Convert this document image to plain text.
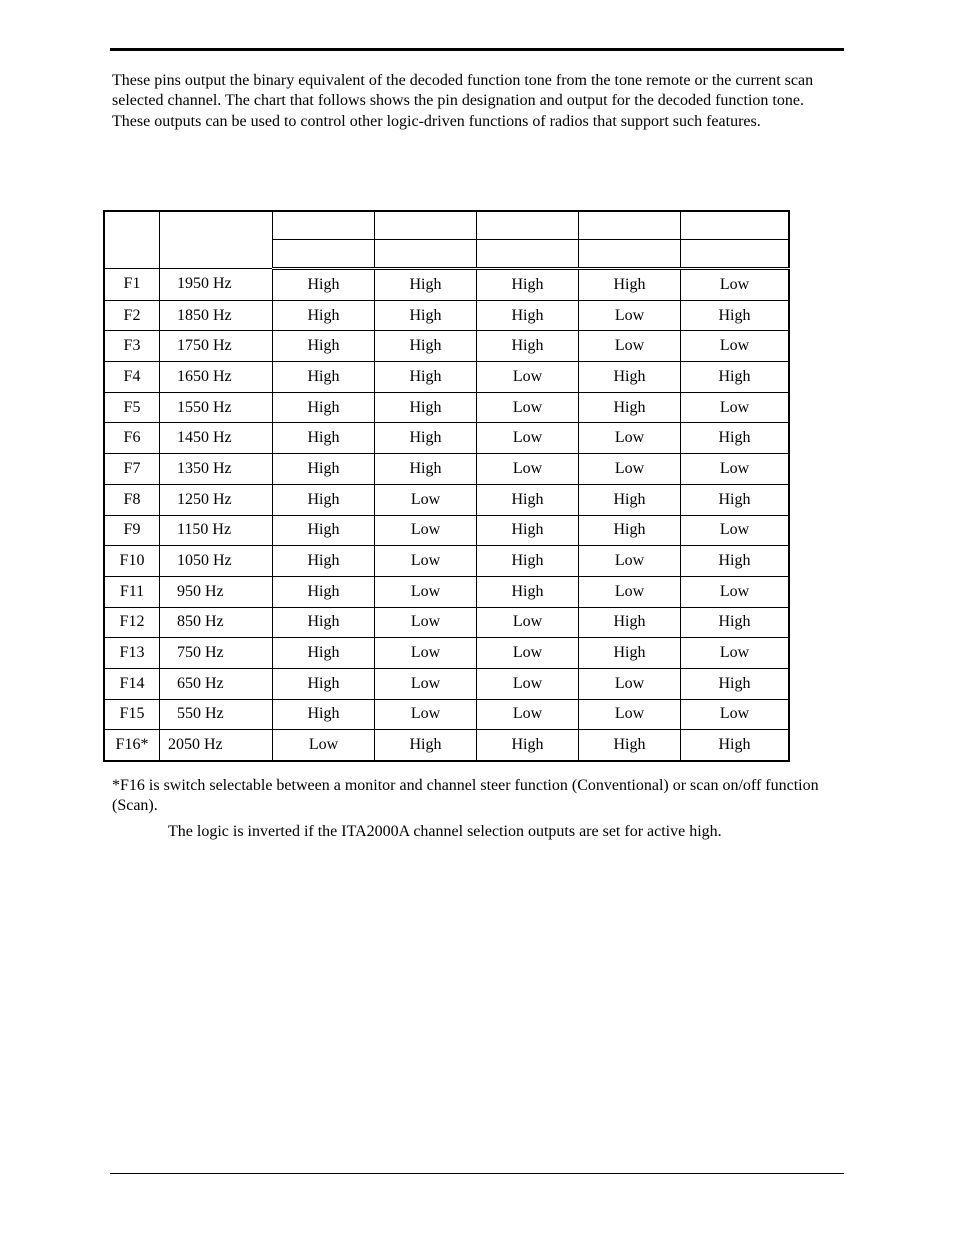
These pins output the binary equivalent of the decoded function tone from the tone remote or the current scan selected channel. The chart that follows shows the pin designation and output for the decoded function tone. These outputs can be used to control other logic-driven functions of radios that support such features.

F1	1950 Hz	High	High	High	High	Low
F2	1850 Hz	High	High	High	Low	High
F3	1750 Hz	High	High	High	Low	Low
F4	1650 Hz	High	High	Low	High	High
F5	1550 Hz	High	High	Low	High	Low
F6	1450 Hz	High	High	Low	Low	High
F7	1350 Hz	High	High	Low	Low	Low
F8	1250 Hz	High	Low	High	High	High
F9	1150 Hz	High	Low	High	High	Low
F10	1050 Hz	High	Low	High	Low	High
F11	950 Hz	High	Low	High	Low	Low
F12	850 Hz	High	Low	Low	High	High
F13	750 Hz	High	Low	Low	High	Low
F14	650 Hz	High	Low	Low	Low	High
F15	550 Hz	High	Low	Low	Low	Low
F16*	2050 Hz	Low	High	High	High	High

*F16 is switch selectable between a monitor and channel steer function (Conventional) or scan on/off function (Scan).

The logic is inverted if the ITA2000A channel selection outputs are set for active high.
